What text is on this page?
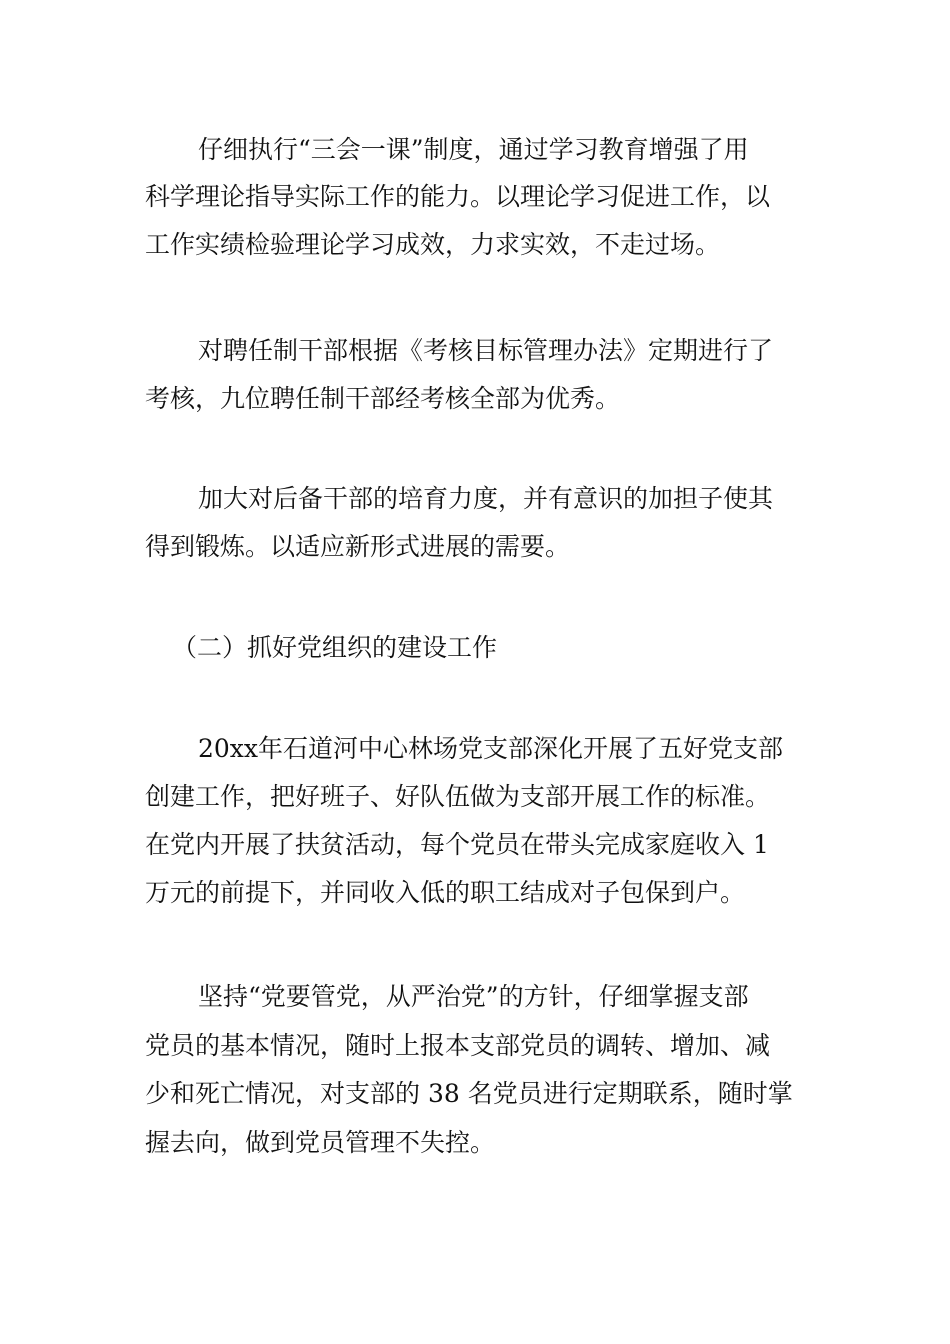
仔细执行“三会一课”制度，通过学习教育增强了用

科学理论指导实际工作的能力。以理论学习促进工作，以

工作实绩检验理论学习成效，力求实效，不走过场。

对聘任制干部根据《考核目标管理办法》定期进行了

考核，九位聘任制干部经考核全部为优秀。

加大对后备干部的培育力度，并有意识的加担子使其

得到锻炼。以适应新形式进展的需要。

（二）抓好党组织的建设工作

20xx年石道河中心林场党支部深化开展了五好党支部

创建工作，把好班子、好队伍做为支部开展工作的标准。

在党内开展了扶贫活动，每个党员在带头完成家庭收入 1

万元的前提下，并同收入低的职工结成对子包保到户。

坚持“党要管党，从严治党”的方针，仔细掌握支部

党员的基本情况，随时上报本支部党员的调转、增加、减

少和死亡情况，对支部的 38 名党员进行定期联系，随时掌

握去向，做到党员管理不失控。
